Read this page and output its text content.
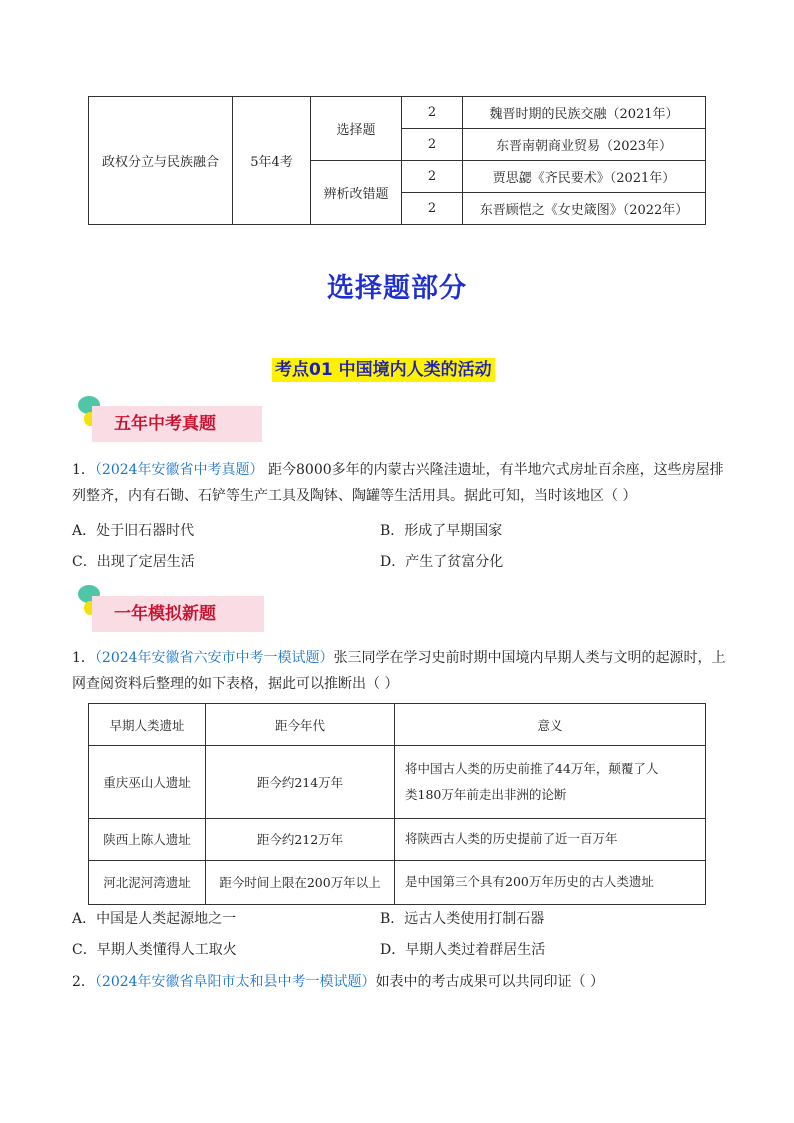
政权分立与民族融合	5年4考	选择题	2	魏晋时期的民族交融（2021年）
			2	东晋南朝商业贸易（2023年）
		辨析改错题	2	贾思勰《齐民要术》（2021年）
			2	东晋顾恺之《女史箴图》（2022年）
选择题部分
考点01 中国境内人类的活动
五年中考真题
1．（2024年安徽省中考真题） 距今8000多年的内蒙古兴隆洼遗址，有半地穴式房址百余座，这些房屋排
列整齐，内有石锄、石铲等生产工具及陶钵、陶罐等生活用具。据此可知，当时该地区（ ）
A．处于旧石器时代	B．形成了早期国家
C．出现了定居生活	D．产生了贫富分化
一年模拟新题
1．（2024年安徽省六安市中考一模试题）张三同学在学习史前时期中国境内早期人类与文明的起源时，上
网查阅资料后整理的如下表格，据此可以推断出（ ）
早期人类遗址	距今年代	意义
重庆巫山人遗址	距今约214万年	将中国古人类的历史前推了44万年，颠覆了人
类180万年前走出非洲的论断

陕西上陈人遗址	距今约212万年	将陕西古人类的历史提前了近一百万年
河北泥河湾遗址	距今时间上限在200万年以上	是中国第三个具有200万年历史的古人类遗址
A．中国是人类起源地之一	B．远古人类使用打制石器
C．早期人类懂得人工取火	D．早期人类过着群居生活
2．（2024年安徽省阜阳市太和县中考一模试题）如表中的考古成果可以共同印证（ ）
